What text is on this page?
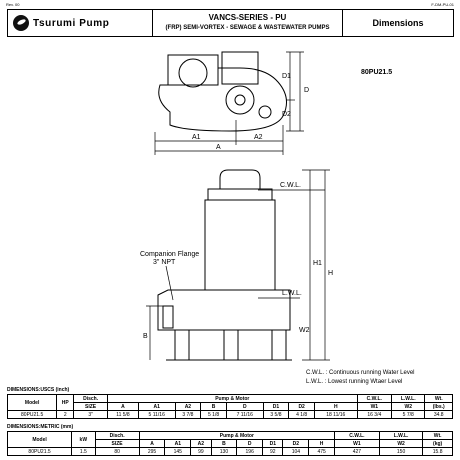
Rev. 00	F-DM-PU-01
Tsurumi Pump	VANCS-SERIES - PU
(FRP) SEMI-VORTEX - SEWAGE & WASTEWATER PUMPS	Dimensions
80PU21.5
A1	A2
A
D1
D2
D
C.W.L.
L.W.L.
H1
H
W2
B
Companion Flange
3" NPT
C.W.L. : Continuous running Water Level
L.W.L. : Lowest running Wtaer Level
DIMENSIONS:USCS (inch)
Model	HP	Disch.	Pump & Motor								C.W.L.	L.W.L.	Wt.
		SIZE	A	A1	A2	B	D	D1	D2	H	W1	W2	(lbs.)
80PU21.5	2	3"	11 5/8	5 11/16	3 7/8	5 1/8	7 11/16	3 5/8	4 1/8	18 11/16	16 3/4	5 7/8	34.8
DIMENSIONS:METRIC (mm)
Model	kW	Disch.	Pump & Motor								C.W.L.	L.W.L.	Wt.
		SIZE	A	A1	A2	B	D	D1	D2	H	W1	W2	(kg)
80PU21.5	1.5	80	295	145	99	130	196	92	104	475	427	150	15.8
